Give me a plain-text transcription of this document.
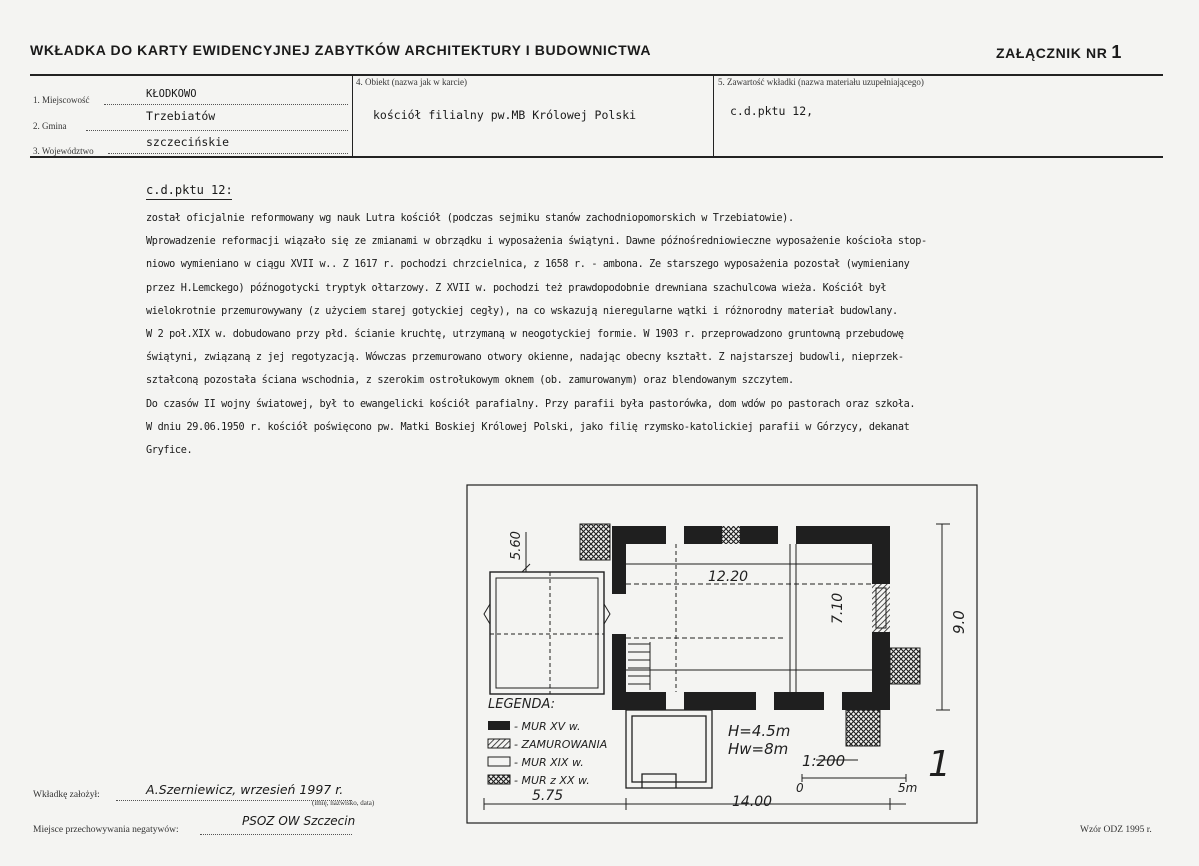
WKŁADKA DO KARTY EWIDENCYJNEJ ZABYTKÓW ARCHITEKTURY I BUDOWNICTWA	ZAŁĄCZNIK NR 1
1. Miejscowość	KŁODKOWO
2. Gmina
Trzebiatów
3. Województwo
szczecińskie
4. Obiekt (nazwa jak w karcie)
kościół filialny pw.MB Królowej Polski
5. Zawartość wkładki (nazwa materiału uzupełniającego)
c.d.pktu 12,
c.d.pktu 12:
został oficjalnie reformowany wg nauk Lutra kościół (podczas sejmiku stanów zachodniopomorskich w Trzebiatowie).
Wprowadzenie reformacji wiązało się ze zmianami w obrządku i wyposażenia świątyni. Dawne późnośredniowieczne wyposażenie kościoła stop-
niowo wymieniano w ciągu XVII w.. Z 1617 r. pochodzi chrzcielnica, z 1658 r. - ambona. Ze starszego wyposażenia pozostał (wymieniany
przez H.Lemckego) późnogotycki tryptyk ołtarzowy. Z XVII w. pochodzi też prawdopodobnie drewniana szachulcowa wieża. Kościół był
wielokrotnie przemurowywany (z użyciem starej gotyckiej cegły), na co wskazują nieregularne wątki i różnorodny materiał budowlany.
W 2 poł.XIX w. dobudowano przy płd. ścianie kruchtę, utrzymaną w neogotyckiej formie. W 1903 r. przeprowadzono gruntowną przebudowę
świątyni, związaną z jej regotyzacją. Wówczas przemurowano otwory okienne, nadając obecny kształt. Z najstarszej budowli, nieprzek-
ształconą pozostała ściana wschodnia, z szerokim ostrołukowym oknem (ob. zamurowanym) oraz blendowanym szczytem.
Do czasów II wojny światowej, był to ewangelicki kościół parafialny. Przy parafii była pastorówka, dom wdów po pastorach oraz szkoła.
W dniu 29.06.1950 r. kościół poświęcono pw. Matki Boskiej Królowej Polski, jako filię rzymsko-katolickiej parafii w Górzycy, dekanat
Gryfice.
12.20
7.10	9.0
5.60
5.75	14.00
H=4.5m
Hw=8m
1:200
0	5m
1
LEGENDA:
- MUR XV w.
- ZAMUROWANIA
- MUR XIX w.
- MUR z XX w.
Wkładkę założył:	A.Szerniewicz, wrzesień 1997 r.
(imię, nazwisko, data)
Miejsce przechowywania negatywów:
PSOZ OW Szczecin
Wzór ODZ 1995 r.
